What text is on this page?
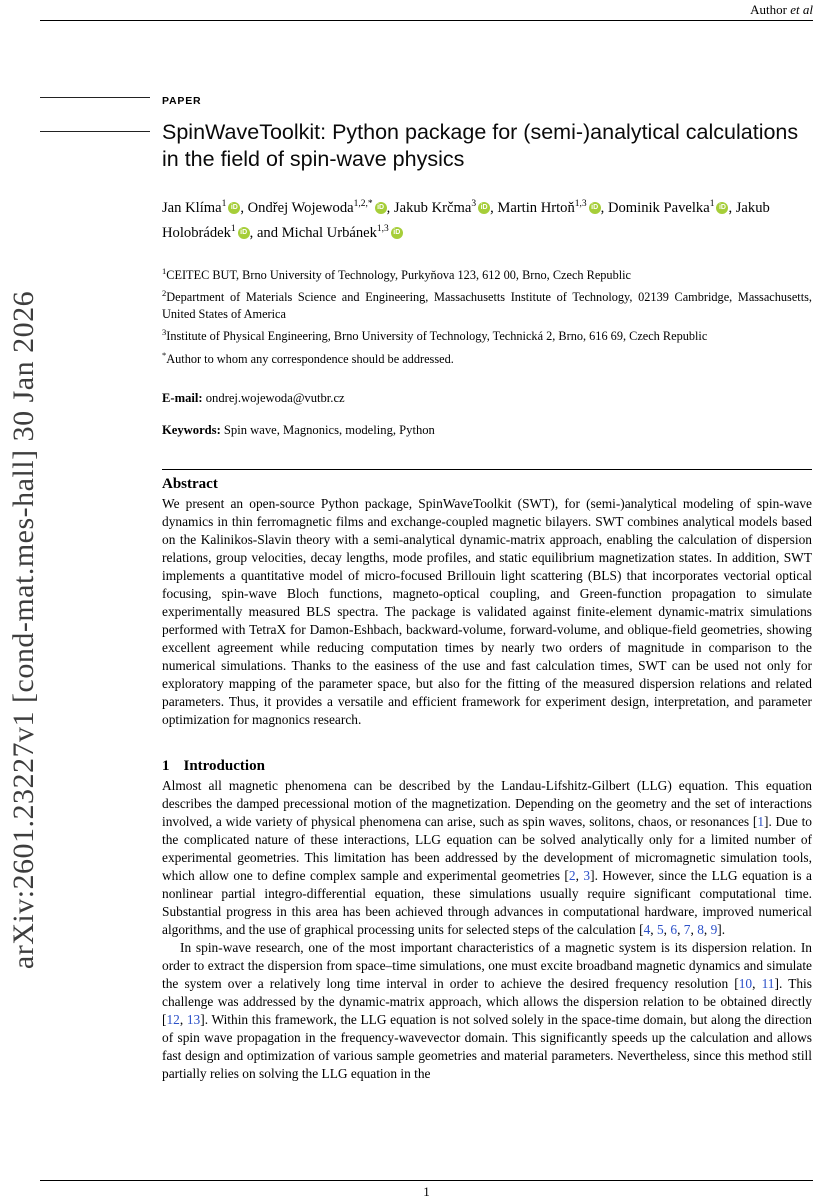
Author et al
arXiv:2601.23227v1 [cond-mat.mes-hall] 30 Jan 2026
PAPER
SpinWaveToolkit: Python package for (semi-)analytical calculations in the field of spin-wave physics
Jan Klíma$^1$ iD , Ondřej Wojewoda$^{1,2,*}$ iD , Jakub Krčma$^3$ iD , Martin Hrtoň$^{1,3}$ iD , Dominik Pavelka$^1$ iD , Jakub Holobrádek$^1$ iD , and Michal Urbánek$^{1,3}$ iD

$^1$CEITEC BUT, Brno University of Technology, Purkyňova 123, 612 00, Brno, Czech Republic

$^2$Department of Materials Science and Engineering, Massachusetts Institute of Technology, 02139 Cambridge, Massachusetts, United States of America

$^3$Institute of Physical Engineering, Brno University of Technology, Technická 2, Brno, 616 69, Czech Republic

*Author to whom any correspondence should be addressed.

E-mail: ondrej.wojewoda@vutbr.cz
Keywords: Spin wave, Magnonics, modeling, Python
Abstract

We present an open-source Python package, SpinWaveToolkit (SWT), for (semi-)analytical modeling of spin-wave dynamics in thin ferromagnetic films and exchange-coupled magnetic bilayers. SWT combines analytical models based on the Kalinikos-Slavin theory with a semi-analytical dynamic-matrix approach, enabling the calculation of dispersion relations, group velocities, decay lengths, mode profiles, and static equilibrium magnetization states. In addition, SWT implements a quantitative model of micro-focused Brillouin light scattering (BLS) that incorporates vectorial optical focusing, spin-wave Bloch functions, magneto-optical coupling, and Green-function propagation to simulate experimentally measured BLS spectra. The package is validated against finite-element dynamic-matrix simulations performed with TetraX for Damon-Eshbach, backward-volume, forward-volume, and oblique-field geometries, showing excellent agreement while reducing computation times by nearly two orders of magnitude in comparison to the numerical simulations. Thanks to the easiness of the use and fast calculation times, SWT can be used not only for exploratory mapping of the parameter space, but also for the fitting of the measured dispersion relations and related parameters. Thus, it provides a versatile and efficient framework for experiment design, interpretation, and parameter optimization for magnonics research.

1 Introduction

Almost all magnetic phenomena can be described by the Landau-Lifshitz-Gilbert (LLG) equation. This equation describes the damped precessional motion of the magnetization. Depending on the geometry and the set of interactions involved, a wide variety of physical phenomena can arise, such as spin waves, solitons, chaos, or resonances [1]. Due to the complicated nature of these interactions, LLG equation can be solved analytically only for a limited number of experimental geometries. This limitation has been addressed by the development of micromagnetic simulation tools, which allow one to define complex sample and experimental geometries [2, 3]. However, since the LLG equation is a nonlinear partial integro-differential equation, these simulations usually require significant computational time. Substantial progress in this area has been achieved through advances in computational hardware, improved numerical algorithms, and the use of graphical processing units for selected steps of the calculation [4, 5, 6, 7, 8, 9].

In spin-wave research, one of the most important characteristics of a magnetic system is its dispersion relation. In order to extract the dispersion from space–time simulations, one must excite broadband magnetic dynamics and simulate the system over a relatively long time interval in order to achieve the desired frequency resolution [10, 11]. This challenge was addressed by the dynamic-matrix approach, which allows the dispersion relation to be obtained directly [12, 13]. Within this framework, the LLG equation is not solved solely in the space-time domain, but along the direction of spin wave propagation in the frequency-wavevector domain. This significantly speeds up the calculation and allows fast design and optimization of various sample geometries and material parameters. Nevertheless, since this method still partially relies on solving the LLG equation in the

1
